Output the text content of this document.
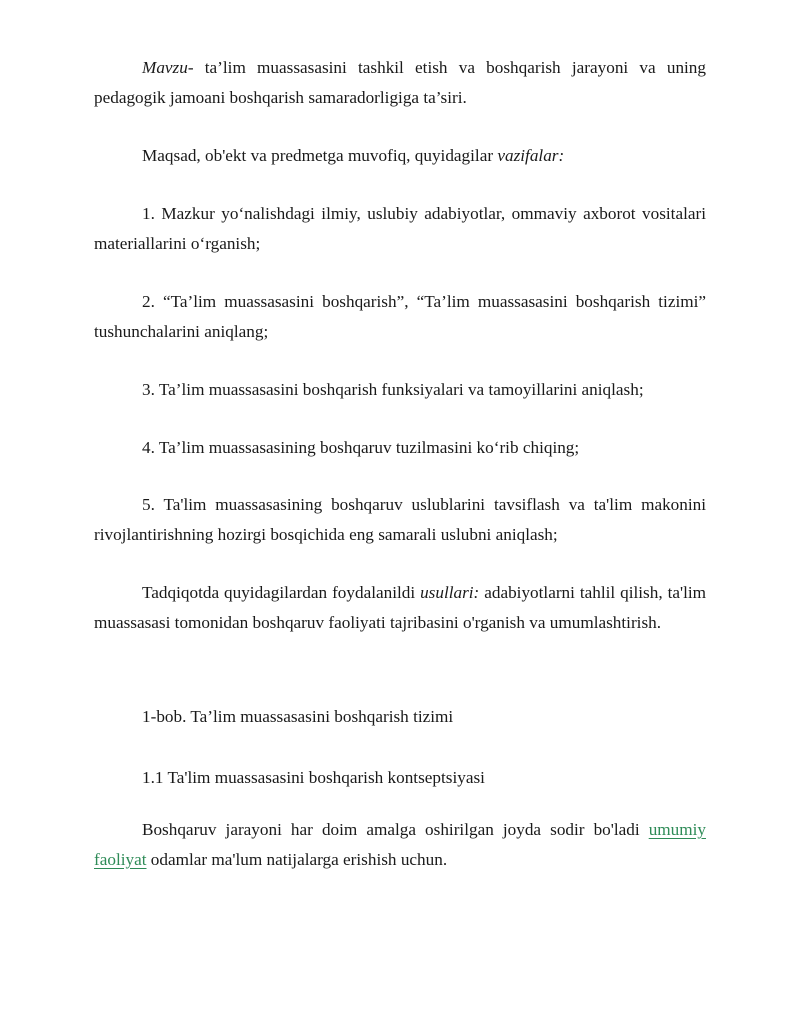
Mavzu- ta’lim muassasasini tashkil etish va boshqarish jarayoni va uning pedagogik jamoani boshqarish samaradorligiga ta’siri.

Maqsad, ob'ekt va predmetga muvofiq, quyidagilar vazifalar:

1. Mazkur yo‘nalishdagi ilmiy, uslubiy adabiyotlar, ommaviy axborot vositalari materiallarini o‘rganish;

2. “Ta’lim muassasasini boshqarish”, “Ta’lim muassasasini boshqarish tizimi” tushunchalarini aniqlang;

3. Ta’lim muassasasini boshqarish funksiyalari va tamoyillarini aniqlash;

4. Ta’lim muassasasining boshqaruv tuzilmasini ko‘rib chiqing;

5. Ta'lim muassasasining boshqaruv uslublarini tavsiflash va ta'lim makonini rivojlantirishning hozirgi bosqichida eng samarali uslubni aniqlash;

Tadqiqotda quyidagilardan foydalanildi usullari: adabiyotlarni tahlil qilish, ta'lim muassasasi tomonidan boshqaruv faoliyati tajribasini o'rganish va umumlashtirish.

1-bob. Ta’lim muassasasini boshqarish tizimi

1.1 Ta'lim muassasasini boshqarish kontseptsiyasi

Boshqaruv jarayoni har doim amalga oshirilgan joyda sodir bo'ladi umumiy faoliyat odamlar ma'lum natijalarga erishish uchun.
